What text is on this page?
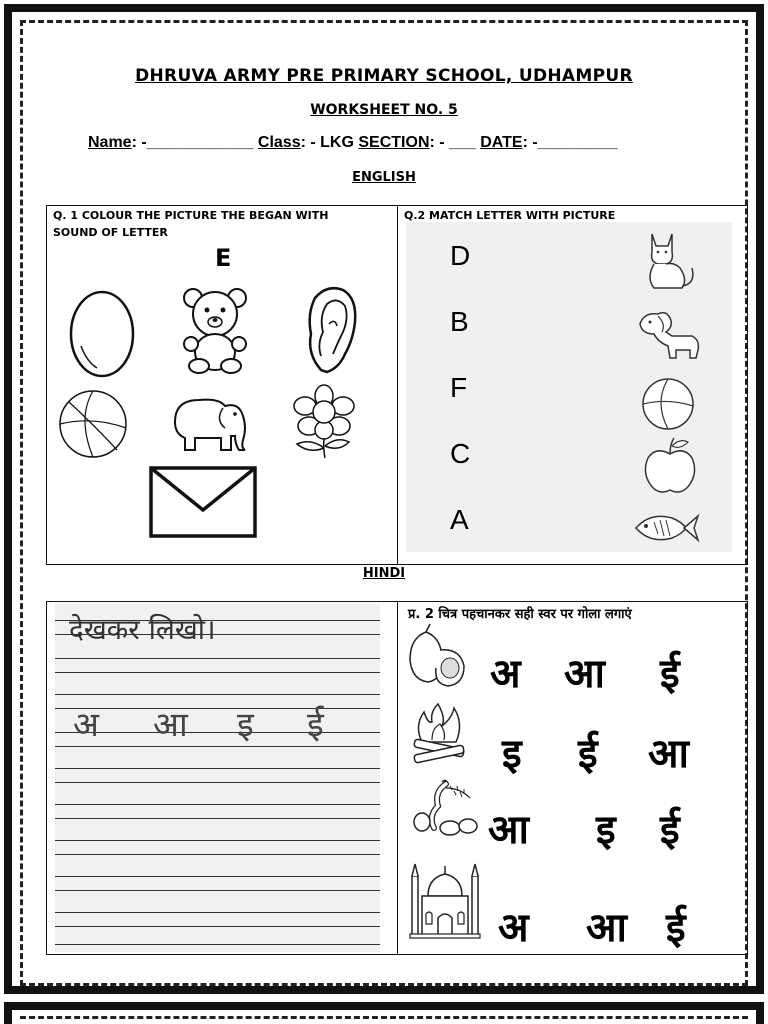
DHRUVA ARMY PRE PRIMARY SCHOOL, UDHAMPUR
WORKSHEET NO. 5
Name: -____________ Class: - LKG SECTION: - ___ DATE: -_________
ENGLISH
Q. 1 COLOUR THE PICTURE THE BEGAN WITH SOUND OF LETTER
E
Q.2 MATCH LETTER WITH PICTURE
D
B
F
C
A
HINDI
देखकर लिखो।
अ आ इ ई
प्र. 2 चित्र पहचानकर सही स्वर पर गोला लगाएं
अ आ ई
इ ई आ
आ इ ई
अ आ ई
